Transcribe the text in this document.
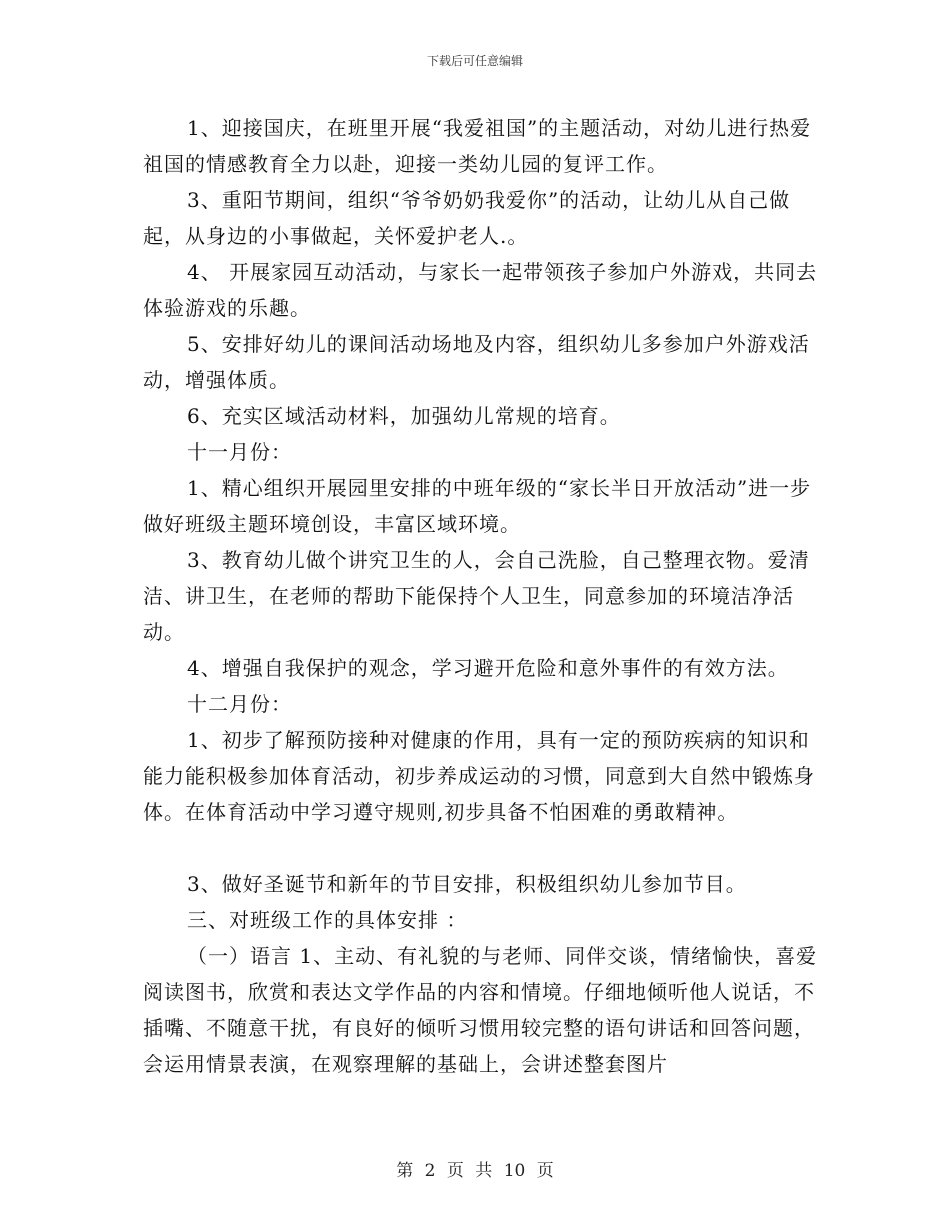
下载后可任意编辑

1、迎接国庆，在班里开展“我爱祖国”的主题活动，对幼儿进行热爱祖国的情感教育全力以赴，迎接一类幼儿园的复评工作。

3、重阳节期间，组织“爷爷奶奶我爱你”的活动，让幼儿从自己做起，从身边的小事做起，关怀爱护老人.。

4、 开展家园互动活动，与家长一起带领孩子参加户外游戏，共同去体验游戏的乐趣。

5、安排好幼儿的课间活动场地及内容，组织幼儿多参加户外游戏活动，增强体质。

6、充实区域活动材料，加强幼儿常规的培育。

十一月份：

1、精心组织开展园里安排的中班年级的“家长半日开放活动”进一步做好班级主题环境创设，丰富区域环境。

3、教育幼儿做个讲究卫生的人，会自己洗脸，自己整理衣物。爱清洁、讲卫生，在老师的帮助下能保持个人卫生，同意参加的环境洁净活动。

4、增强自我保护的观念，学习避开危险和意外事件的有效方法。

十二月份：

1、初步了解预防接种对健康的作用，具有一定的预防疾病的知识和能力能积极参加体育活动，初步养成运动的习惯，同意到大自然中锻炼身体。在体育活动中学习遵守规则,初步具备不怕困难的勇敢精神。

3、做好圣诞节和新年的节目安排，积极组织幼儿参加节目。

三、对班级工作的具体安排 ：

（一）语言 1、主动、有礼貌的与老师、同伴交谈，情绪愉快，喜爱阅读图书，欣赏和表达文学作品的内容和情境。仔细地倾听他人说话，不插嘴、不随意干扰，有良好的倾听习惯用较完整的语句讲话和回答问题，会运用情景表演，在观察理解的基础上，会讲述整套图片

第 2 页 共 10 页
